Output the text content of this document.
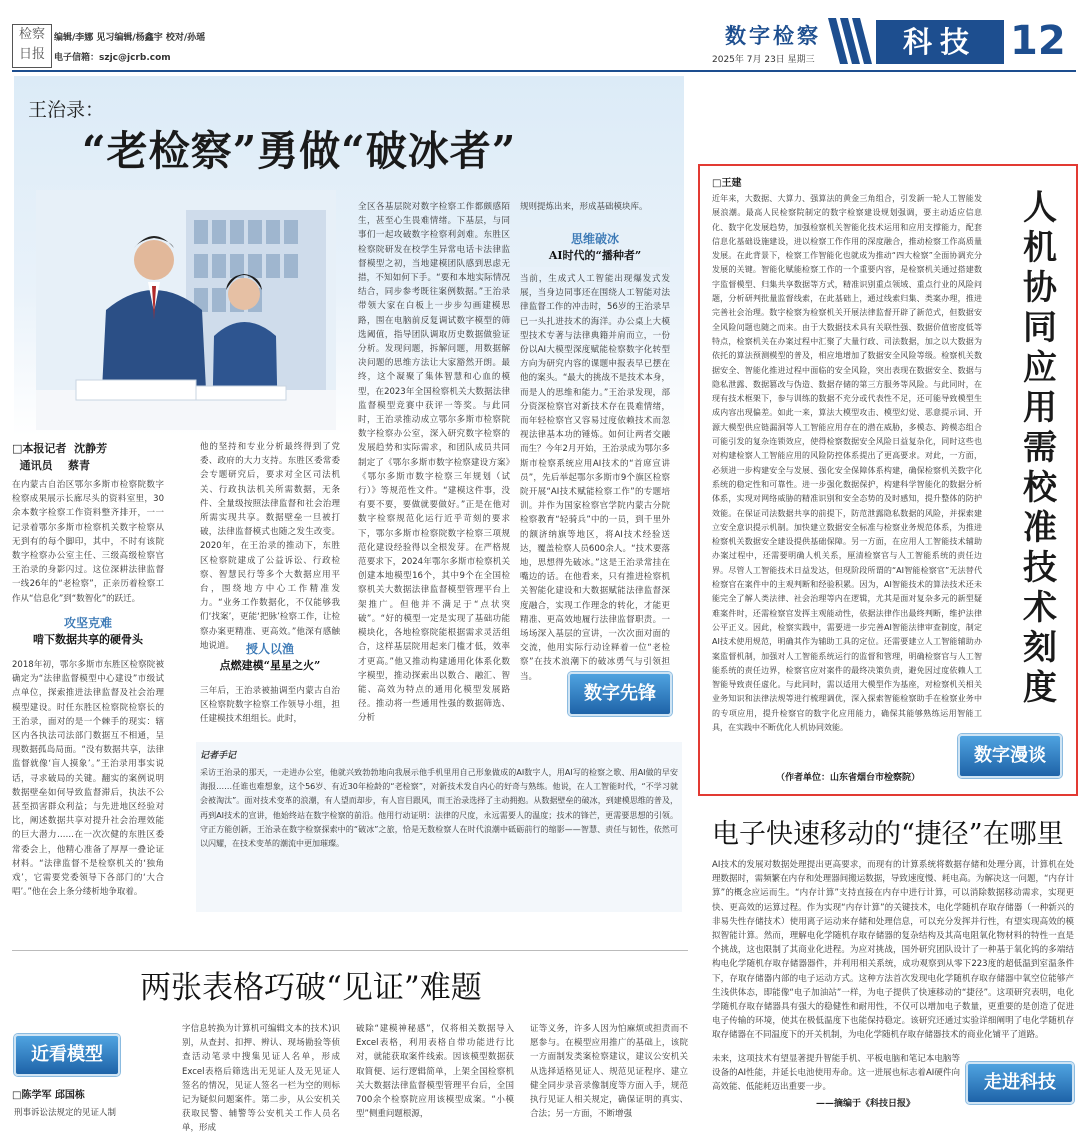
检察日报
编辑/李娜 见习编辑/杨鑫宇 校对/孙瑶
电子信箱：szjc@jcrb.com
数字检察
2025年 7月 23日 星期三
科技 12
王治录：
“老检察”勇做“破冰者”
□本报记者 沈静芳
通讯员 蔡青
在内蒙古自治区鄂尔多斯市检察院数字检察成果展示长廊尽头的资料室里，30余本数字检察工作资料整齐排开，一一记录着鄂尔多斯市检察机关数字检察从无到有的每个脚印，其中，不时有该院数字检察办公室主任、三级高级检察官王治录的身影闪过。这位深耕法律监督一线26年的“老检察”，正亲历着检察工作从“信息化”到“数智化”的跃迁。
攻坚克难
啃下数据共享的硬骨头
2018年初，鄂尔多斯市东胜区检察院被确定为“法律监督模型中心建设”市级试点单位，探索推进法律监督及社会治理模型建设。时任东胜区检察院检察长的王治录，面对的是一个棘手的现实：辖区内各执法司法部门数据互不相通，呈现数据孤岛局面。“没有数据共享，法律监督就像‘盲人摸象’。”王治录用事实说话，寻求破局的关键。翻实的案例说明数据壁垒如何导致监督滞后，执法不公甚至损害群众利益；与先进地区经验对比，阐述数据共享对提升社会治理效能的巨大潜力……在一次次健的东胜区委常委会上，他精心准备了厚厚一叠论证材料。“法律监督不是检察机关的‘独角戏’，它需要党委领导下各部门的‘大合唱’。”他在会上条分缕析地争取着。
他的坚持和专业分析最终得到了党委、政府的大力支持。东胜区委常委会专题研究后，要求对全区司法机关、行政执法机关所需数据，无条件、全量级按照法律监督和社会治理所需实现共享。数据壁垒一旦被打破，法律监督模式也随之发生改变。2020年，在王治录的推动下，东胜区检察院建成了公益诉讼、行政检察、智慧民行等多个大数据应用平台，围绕地方中心工作精准发力。“业务工作数据化，不仅能够我们‘找案’，更能‘把脉’检察工作，让检察办案更精准、更高效。”他深有感触地说道。 授人以渔
点燃建模“星星之火”
三年后，王治录被抽调至内蒙古自治区检察院数字检察工作领导小组，担任建模技术组组长。此时，
全区各基层院对数字检察工作都颇感陌生，甚至心生畏难情绪。下基层，与同事们一起攻破数字检察利剑难。东胜区检察院研发在校学生异常电话卡法律监督模型之初，当地建模团队感到思虑无措，不知如何下手。“要和本地实际情况结合，同步参考既往案例数据。”王治录带领大家在白板上一步步勾画建模思路，围在电脑前反复调试数字模型的筛选阈值，指导团队调取历史数据做验证分析。发现问题，拆解问题，用数据解决问题的思维方法让大家豁然开朗。最终，这个凝聚了集体智慧和心血的模型，在2023年全国检察机关大数据法律监督模型竞赛中获评一等奖。与此同时，王治录推动成立鄂尔多斯市检察院数字检察办公室，深入研究数字检察的发展趋势和实际需求，和团队成员共同制定了《鄂尔多斯市数字检察建设方案》《鄂尔多斯市数字检察三年规划（试行）》等规范性文件。“建模这件事，没有要不要，要做就要做好。”正是在他对数字检察规范化运行近乎苛刻的要求下，鄂尔多斯市检察院数字检察三项规范化建设经验得以全根发芽。在严格规范要求下，2024年鄂尔多斯市检察机关创建本地模型16个，其中9个在全国检察机关大数据法律监督模型管理平台上架推广。但他并不满足于“点状突破”。“好的模型一定是实现了基础功能模块化，各地检察院能根据需求灵活组合，这样基层院用起来门槛才低，效率才更高。”他又推动构建通用化体系化数字模型，推动探索出以数合、融汇、智能、高效为特点的通用化模型发展路径。推动将一些通用性强的数据筛选、分析
规则提炼出来，形成基础模块库。
思维破冰
AI时代的“播种者”
当前，生成式人工智能出现爆发式发展，当身边同事还在围绕人工智能对法律监督工作的冲击时，56岁的王治录早已一头扎进技术的海洋。办公桌上大模型技术专著与法律典籍并肩而立，一份份以AI大模型深度赋能检察数字化转型方向为研究内容的课题申报表早已摆在他的案头。“最大的挑战不是技术本身，而是人的思维和能力。”王治录发现，部分资深检察官对新技术存在畏难情绪，而年轻检察官又容易过度依赖技术而忽视法律基本功的锤炼。如何让两者交融而生？今年2月开始，王治录成为鄂尔多斯市检察系统应用AI技术的“首席宣讲员”，先后举起鄂尔多斯市9个旗区检察院开展“AI技术赋能检察工作”的专题培训。并作为国家检察官学院内蒙古分院检察教育“轻骑兵”中的一员，到千里外的额济纳旗等地区，将AI技术经验送达，覆盖检察人员600余人。“技术要落地，思想得先破冰。”这是王治录常挂在嘴边的话。在他看来，只有推进检察机关智能化建设和大数据赋能法律监督深度融合，实现工作理念的转化，才能更精准、更高效地履行法律监督职责。一场场深入基层的宣讲，一次次面对面的交流，他用实际行动诠释着一位“老检察”在技术浪潮下的破冰勇气与引领担当。
数字先锋
记者手记
采访王治录的那天，一走进办公室，他就兴致勃勃地向我展示他手机里用自己形象做成的AI数字人，用AI写的检察之歌、用AI做的早安海报……任谁也难想象，这个56岁、有近30年检龄的“老检察”，对新技术发自内心的好奇与熟练。他说，在人工智能时代，“不学习就会被淘汰”。面对技术变革的浪潮，有人望而却步，有人盲目跟风，而王治录选择了主动拥抱。从数据壁垒的破冰，到建模思维的普及，再到AI技术的宣讲，他始终站在数字检察的前沿。他用行动证明：法律的尺度，永远需要人的温度；技术的锋芒，更需要思想的引领。守正方能创新，王治录在数字检察探索中的“破冰”之旅，恰是无数检察人在时代浪潮中砥砺前行的缩影——智慧、责任与韧性，依然可以闪耀，在技术变革的潮流中更加璀璨。
□王建
近年来，大数据、大算力、强算法的黄金三角组合，引发新一轮人工智能发展浪潮。最高人民检察院制定的数字检察建设规划强调，要主动适应信息化、数字化发展趋势，加强检察机关智能化技术运用和应用支撑能力，配套信息化基础设施建设，进以检察工作作用的深度融合，推动检察工作高质量发展。在此背景下，检察工作智能化也就成为推动“四大检察”全面协调充分发展的关键。智能化赋能检察工作的一个重要内容，是检察机关通过搭建数字监督模型、归集共享数据等方式，精准识别重点领域、重点行业的风险问题，分析研判批量监督线索，在此基础上，通过线索归集、类案办理，推进完善社会治理。数字检察为检察机关开展法律监督开辟了新范式，但数据安全风险问题也随之而来。由于大数据技术具有关联性强、数据价值密度低等特点，检察机关在办案过程中汇聚了大量行政、司法数据，加之以大数据为依托的算法预测模型的普及，相应地增加了数据安全风险等级。检察机关数据安全、智能化推进过程中面临的安全风险，突出表现在数据安全、数据与隐私泄露、数据篡改与伪造、数据存储的第三方服务等风险。与此同时，在现有技术框架下，参与训练的数据不充分或代表性不足，还可能导致模型生成内容出现偏差。如此一来，算法大模型攻击、模型幻觉、恶意提示词、开源大模型供应链漏洞等人工智能应用存在的潜在威胁，多模态、跨模态组合可能引发的复杂连锁效应，使得检察数据安全风险日益复杂化，同时这些也对构建检察人工智能应用的风险防控体系提出了更高要求。对此，一方面，必须进一步构建安全与发展、强化安全保障体系构建，确保检察机关数字化系统的稳定性和可靠性。进一步强化数据保护，构建科学智能化的数据分析体系，实现对网络威胁的精准识别和安全态势的及时感知，提升整体的防护效能。在保证司法数据共享的前提下，防范泄露隐私数据的风险，并探索建立安全意识提示机制。加快建立数据安全标准与检察业务规范体系，为推进检察机关数据安全建设提供基础保障。另一方面，在应用人工智能技术辅助办案过程中，还需要明确人机关系，厘清检察官与人工智能系统的责任边界。尽管人工智能技术日益发达，但现阶段所谓的“AI智能检察官”无法替代检察官在案件中的主观判断和经验积累。因为，AI智能技术的算法技术还未能完全了解人类法律、社会治理等内在逻辑，尤其是面对复杂多元的新型疑难案件时，还需检察官发挥主观能动性，依据法律作出最终判断，维护法律公平正义。因此，检察实践中，需要进一步完善AI智能法律审查制度，制定AI技术使用规范，明确其作为辅助工具的定位。还需要建立人工智能辅助办案监督机制，加强对人工智能系统运行的监督和管理，明确检察官与人工智能系统的责任边界，检察官应对案件的最终决策负责，避免因过度依赖人工智能导致责任虚化。与此同时，需以适用大模型作为基座，对检察机关相关业务知识和法律法规等进行梳理调优，深入探索智能检察助手在检察业务中的专项应用，提升检察官的数字化应用能力，确保其能够熟练运用智能工具，在实践中不断优化人机协同效能。
人机协同应用需校准技术刻度
数字漫谈
（作者单位：山东省烟台市检察院）
电子快速移动的“捷径”在哪里
AI技术的发展对数据处理提出更高要求，而现有的计算系统将数据存储和处理分离，计算机在处理数据时，需频繁在内存和处理器间搬运数据，导致速度慢、耗电高。为解决这一问题，“内存计算”的概念应运而生。“内存计算”支持直接在内存中进行计算，可以消除数据移动需求，实现更快、更高效的运算过程。作为实现“内存计算”的关键技术，电化学随机存取存储器（一种新兴的非易失性存储技术）使用离子运动来存储和处理信息，可以充分发挥并行性，有望实现高效的模拟智能计算。然而，理解电化学随机存取存储器的复杂结构及其高电阻氧化物材料的特性一直是个挑战，这也限制了其商业化进程。为应对挑战，国外研究团队设计了一种基于氧化钨的多端结构电化学随机存取存储器器件，并利用相关系统，成功观察到从零下223度的超低温到室温条件下，存取存储器内部的电子运动方式。这种方法首次发现电化学随机存取存储器中氧空位能够产生浅供体态，即能像“电子加油站”一样，为电子提供了快速移动的“捷径”。这项研究表明，电化学随机存取存储器具有强大的稳健性和耐用性，不仅可以增加电子数量，更重要的是创造了促进电子传输的环境，使其在极低温度下也能保持稳定。该研究还通过实验详细阐明了电化学随机存取存储器在不同温度下的开关机制，为电化学随机存取存储器技术的商业化铺平了道路。
未来，这项技术有望显著提升智能手机、平板电脑和笔记本电脑等设备的AI性能，并延长电池使用寿命。这一进展也标志着AI硬件向高效能、低能耗迈出重要一步。	走进科技
——摘编于《科技日报》
两张表格巧破“见证”难题
近看模型
□陈学军 邱国栋
刑事诉讼法规定的见证人制
字信息转换为计算机可编辑文本的技术)识别，从查封、扣押、辨认、现场勘验等侦查活动笔录中搜集见证人名单，形成Excel表格后筛选出无见证人及无见证人签名的情况，见证人签名一栏为空的则标记为疑似问题案件。第二步，从公安机关获取民警、辅警等公安机关工作人员名单，形成
破除“建模神秘感”，仅将相关数据导入Excel表格，利用表格自带功能进行比对，就能获取案件线索。因该模型数据获取简便、运行逻辑简单，上架全国检察机关大数据法律监督模型管理平台后，全国700余个检察院应用该模型成案。“小模型”侧重问题根源，
证等义务，许多人因为怕麻烦或担责而不愿参与。在模型应用推广的基础上，该院一方面制发类案检察建议，建议公安机关从选择适格见证人、规范见证程序、建立健全同步录音录像制度等方面入手，规范执行见证人相关规定，确保证明的真实、合法；另一方面，不断增强
